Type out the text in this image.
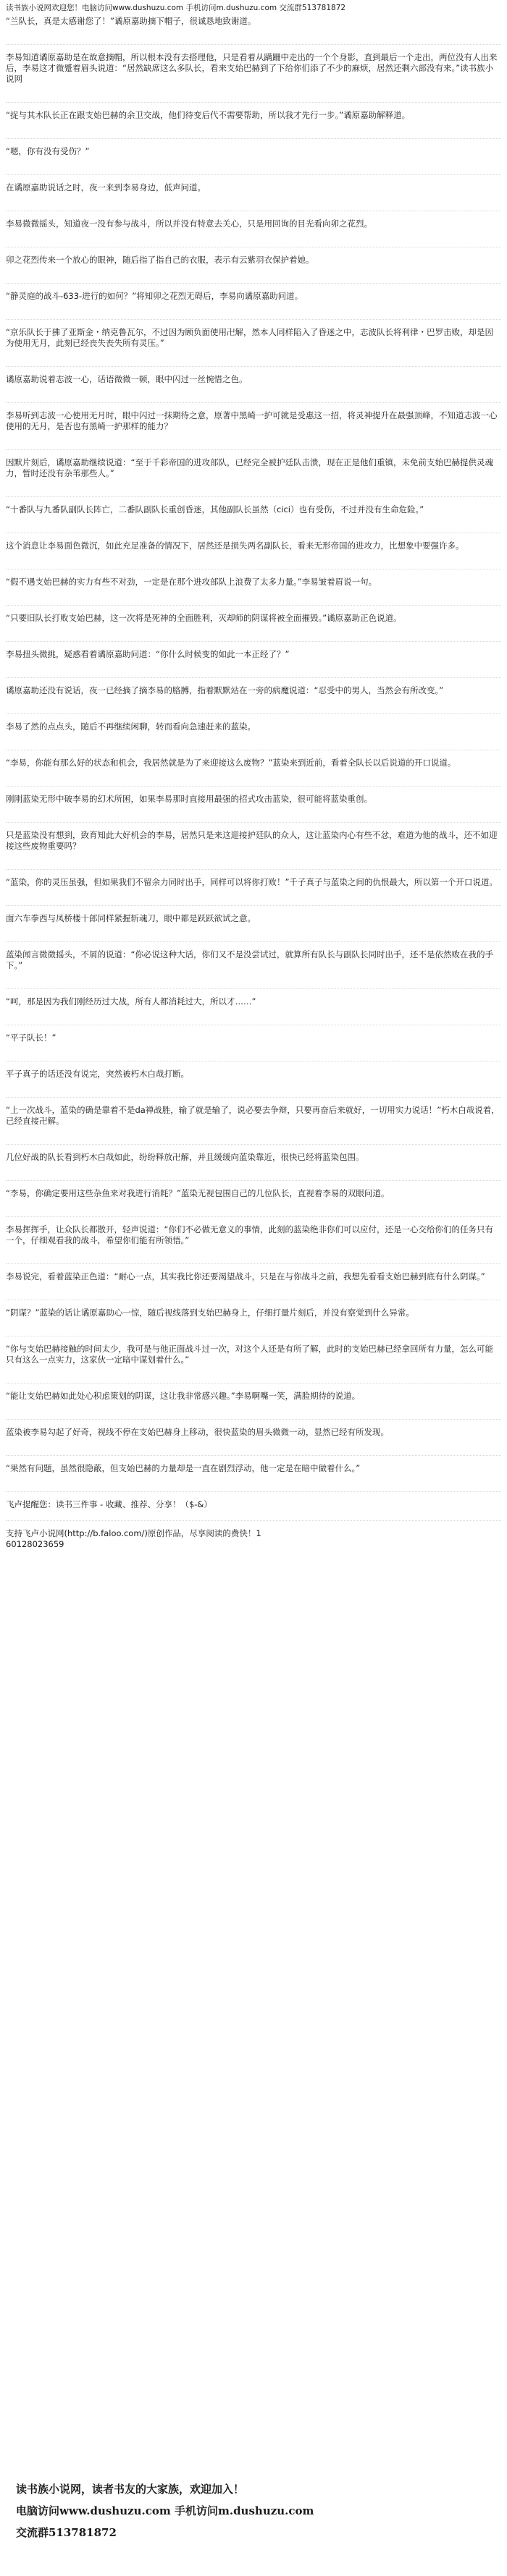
读书族小说网欢迎您！电脑访问www.dushuzu.com 手机访问m.dushuzu.com 交流群513781872

“兰队长，真是太感谢您了！”谲原嘉助摘下帽子，很诚恳地致谢道。

李易知道谲原嘉助是在故意摘帽，所以根本没有去搭理他，只是看着从蹒跚中走出的一个个身影，直到最后一个走出，两位没有人出来后，李易这才微蹙着眉头说道：“居然缺席这么多队长，看来支始巴赫到了下给你们添了不少的麻烦，居然还剩六部没有来。”读书族小说网

“捉与其木队长正在跟支始巴赫的余卫交战，他们待变后代不需要帮助，所以我才先行一步。”谲原嘉助解释道。

“嗯，你有没有受伤？”

在谲原嘉助说话之时，夜一来到李易身边，低声问道。

李易微微摇头，知道夜一没有参与战斗，所以并没有特意去关心，只是用回询的目光看向卯之花烈。

卯之花烈传来一个放心的眼神，随后指了指自己的衣服，表示有云紫羽衣保护着她。

“静灵庭的战斗-633-进行的如何？”将知卯之花烈无碍后，李易向谲原嘉助问道。

“京乐队长于狒了亚斯金・纳克鲁瓦尔，不过因为顾负面使用卍解，然本人同样陷入了昏迷之中，志波队长将利律・巴罗击败，却是因为使用无月，此刻已经丧失丧失所有灵压。”

谲原嘉助说着志波一心，话语微微一顿，眼中闪过一丝惋惜之色。

李易听到志波一心使用无月时，眼中闪过一抹期待之意，原著中黑崎一护可就是受惠这一招，将灵神提升在最强顶峰，不知道志波一心使用的无月，是否也有黑崎一护那样的能力？

因默片刻后，谲原嘉助继续说道：“至于千彩帝国的进攻部队，已经完全被护廷队击溃，现在正是他们重镇，未免前支始巴赫提供灵魂力，暂时还没有杂苇那些人。”

“十番队与九番队副队长阵亡，二番队副队长重创昏迷，其他副队长虽然（cici）也有受伤，不过并没有生命危险。”

这个消息让李易面色微沉，如此充足准备的情况下，居然还是损失两名副队长，看来无形帝国的进攻力，比想象中要强许多。

“假不遇支始巴赫的实力有些不对劲，一定是在那个进攻部队上浪费了太多力量。”李易皱着眉说一句。

“只要旧队长打败支始巴赫，这一次将是死神的全面胜利，灭却师的阴谋将被全面摧毁。”谲原嘉助正色说道。

李易扭头微挑，疑惑看着谲原嘉助问道：“你什么时候变的如此一本正经了？”

谲原嘉助还没有说话，夜一已经摘了摘李易的胳膊，指着默默站在一旁的病魔说道：“忍受中的男人，当然会有所改变。”

李易了然的点点头，随后不再继续闲聊，转而看向急速赶来的蓝染。

“李易，你能有那么好的状态和机会，我居然就是为了来迎接这么废物？”蓝染来到近前，看着全队长以后说道的开口说道。

刚刚蓝染无形中破李易的幻术所困，如果李易那时直接用最强的招式攻击蓝染，很可能将蓝染重创。

只是蓝染没有想到，致育知此大好机会的李易，居然只是来这迎接护廷队的众人，这让蓝染内心有些不忿，难道为他的战斗，还不如迎接这些废物重要吗？

“蓝染，你的灵压虽强，但如果我们不留余力同时出手，同样可以将你打败！”千子真子与蓝染之间的仇恨最大，所以第一个开口说道。

面六车拳西与凤桥楼十郎同样紧握斩魂刀，眼中都是跃跃欲试之意。

蓝染闻言微微摇头，不屑的说道：“你必说这种大话，你们又不是没尝试过，就算所有队长与副队长同时出手，还不是依然败在我的手下。”

“呵，那是因为我们刚经历过大战，所有人都消耗过大，所以才……”

“平子队长！”

平子真子的话还没有说完，突然被朽木白哉打断。

“上一次战斗，蓝染的确是靠着不是da禅战胜，输了就是输了，说必要去争辩，只要再奋后来就好，一切用实力说话！”朽木白哉说着，已经直接卍解。

几位好战的队长看到朽木白哉如此，纷纷释放卍解，并且缓缓向蓝染靠近，很快已经将蓝染包围。

“李易，你确定要用这些杂鱼来对我进行消耗？”蓝染无视包围自己的几位队长，直视着李易的双眼问道。

李易挥挥手，让众队长都散开，轻声说道：“你们不必做无意义的事情，此刻的蓝染绝非你们可以应付，还是一心交给你们的任务只有一个，仔细观看我的战斗，希望你们能有所领悟。”

李易说完，看着蓝染正色道：“耐心一点，其实我比你还要渴望战斗，只是在与你战斗之前，我想先看看支始巴赫到底有什么阴谋。”

“阴谋？”蓝染的话让谲原嘉助心一惊，随后视线落到支始巴赫身上，仔细打量片刻后，并没有察觉到什么异常。

“你与支始巴赫接触的时间太少，我可是与他正面战斗过一次，对这个人还是有所了解，此时的支始巴赫已经拿回所有力量，怎么可能只有这么一点实力，这家伙一定暗中谋划着什么。”

“能让支始巴赫如此处心积虑策划的阴谋，这让我非常感兴趣。”李易啊嘴一笑，满脸期待的说道。

蓝染被李易勾起了好奇，视线不停在支始巴赫身上移动，很快蓝染的眉头微微一动，显然已经有所发现。

“果然有问题，虽然很隐蔽，但支始巴赫的力量却是一直在剧烈浮动，他一定是在暗中做着什么。”

飞卢提醒您：读书三件事 - 收藏、推荐、分享！（$-&）

支持飞卢小说网(http://b.faloo.com/)原创作品，尽享阅读的费快！1

60128023659

读书族小说网，读者书友的大家族，欢迎加入！
电脑访问www.dushuzu.com 手机访问m.dushuzu.com
交流群513781872
